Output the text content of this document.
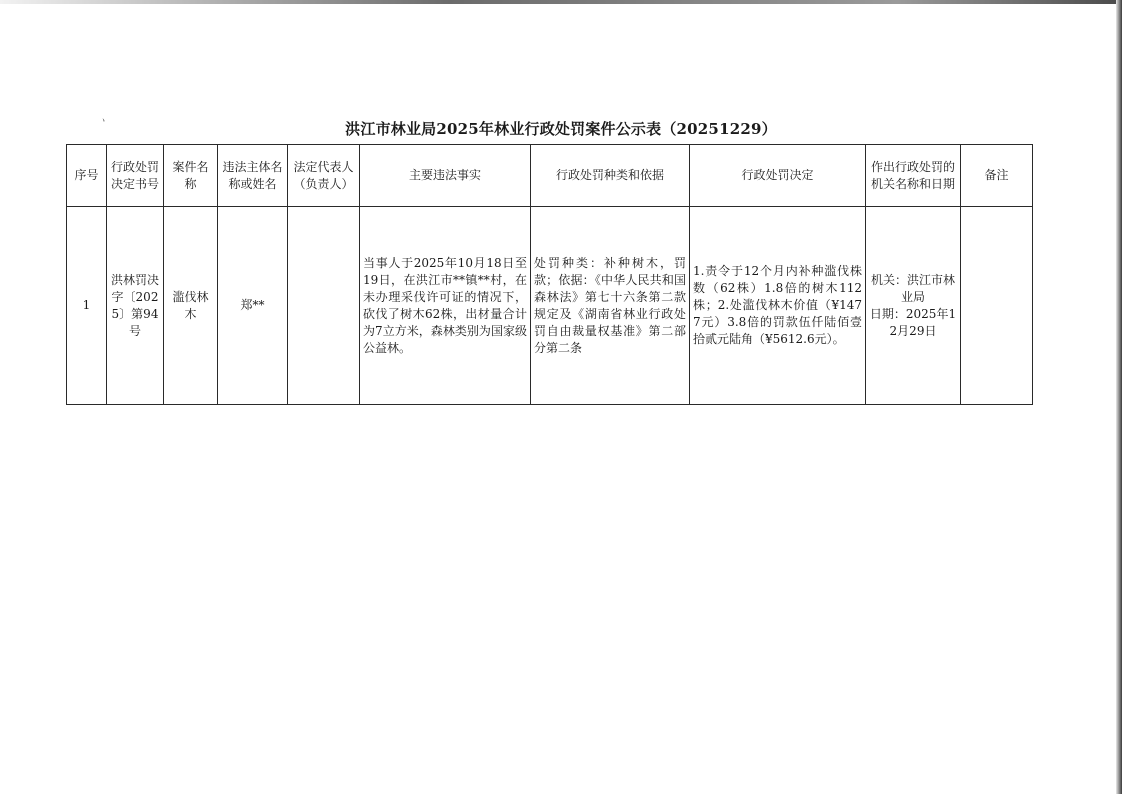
、
洪江市林业局2025年林业行政处罚案件公示表（20251229）
序号	行政处罚决定书号	案件名称	违法主体名称或姓名	法定代表人（负责人）	主要违法事实	行政处罚种类和依据	行政处罚决定	作出行政处罚的机关名称和日期	备注
1	洪林罚决字〔2025〕第94号	滥伐林木	郑**		当事人于2025年10月18日至19日，在洪江市**镇**村，在未办理采伐许可证的情况下，砍伐了树木62株，出材量合计为7立方米，森林类别为国家级公益林。	处罚种类：补种树木，罚款；依据：《中华人民共和国森林法》第七十六条第二款规定及《湖南省林业行政处罚自由裁量权基准》第二部分第二条	1.责令于12个月内补种滥伐株数（62株）1.8倍的树木112株；2.处滥伐林木价值（¥1477元）3.8倍的罚款伍仟陆佰壹拾贰元陆角（¥5612.6元）。	机关：洪江市林业局
日期：2025年12月29日	
